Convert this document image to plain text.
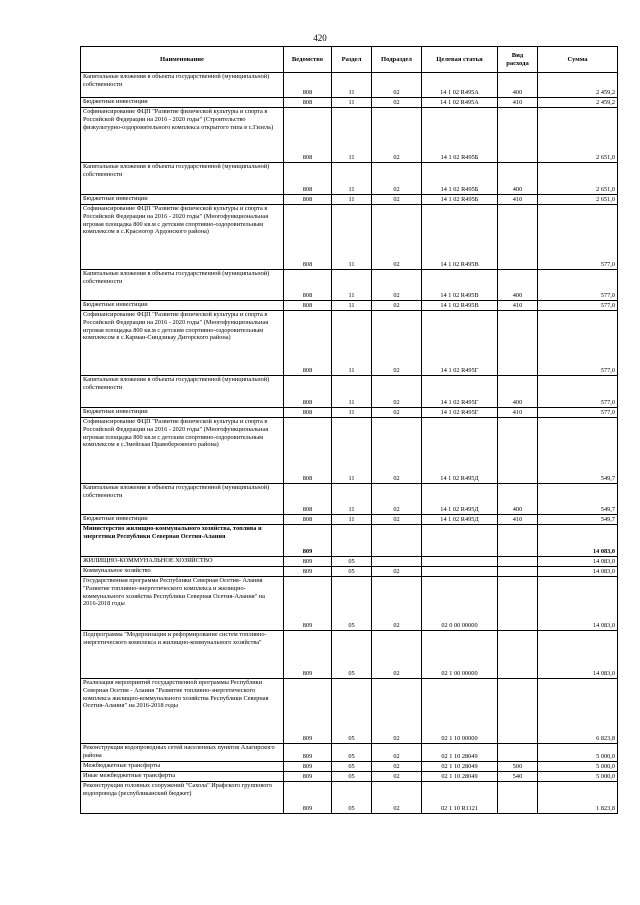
420
Наименование	Ведомство	Раздел	Подраздел	Целевая статья	Вид расхода	Сумма
Капитальные вложения в объекты государственной (муниципальной) собственности	808	11	02	14 1 02 R495А	400	2 459,2
Бюджетные инвестиции	808	11	02	14 1 02 R495А	410	2 459,2
Софинансирование ФЦП "Развитие физической культуры и спорта в Российской Федерации на 2016 - 2020 годы" (Строительство физкультурно-оздоровительного комплекса открытого типа в с.Гизель)	808	11	02	14 1 02 R495Б		2 651,0
Капитальные вложения в объекты государственной (муниципальной) собственности	808	11	02	14 1 02 R495Б	400	2 651,0
Бюджетные инвестиции	808	11	02	14 1 02 R495Б	410	2 651,0
Софинансирование ФЦП "Развитие физической культуры и спорта в Российской Федерации на 2016 - 2020 годы" (Многофункциональная игровая площадка 800 кв.м с детским спортивно-оздоровительным комплексом в с.Красногор Ардонского района)	808	11	02	14 1 02 R495В		577,0
Капитальные вложения в объекты государственной (муниципальной) собственности	808	11	02	14 1 02 R495В	400	577,0
Бюджетные инвестиции	808	11	02	14 1 02 R495В	410	577,0
Софинансирование ФЦП "Развитие физической культуры и спорта в Российской Федерации на 2016 - 2020 годы" (Многофункциональная игровая площадка 800 кв.м с детским спортивно-оздоровительным комплексом в с.Карман-Синдзикау Дигорского района)	808	11	02	14 1 02 R495Г		577,0
Капитальные вложения в объекты государственной (муниципальной) собственности	808	11	02	14 1 02 R495Г	400	577,0
Бюджетные инвестиции	808	11	02	14 1 02 R495Г	410	577,0
Софинансирование ФЦП "Развитие физической культуры и спорта в Российской Федерации на 2016 - 2020 годы" (Многофункциональная игровая площадка 800 кв.м с детским спортивно-оздоровительным комплексом в с.Змейская Правобережного района)	808	11	02	14 1 02 R495Д		549,7
Капитальные вложения в объекты государственной (муниципальной) собственности	808	11	02	14 1 02 R495Д	400	549,7
Бюджетные инвестиции	808	11	02	14 1 02 R495Д	410	549,7
Министерство жилищно-коммунального хозяйства, топлива и энергетики Республики Северная Осетия-Алания	809					14 083,0
ЖИЛИЩНО-КОММУНАЛЬНОЕ ХОЗЯЙСТВО	809	05				14 083,0
Коммунальное хозяйство	809	05	02			14 083,0
Государственная программа Республики Северная Осетия- Алания "Развитие топливно-энергетического комплекса и жилищно-коммунального хозяйства Республики Северная Осетия-Алания" на 2016-2018 годы	809	05	02	02 0 00 00000		14 083,0
Подпрограмма "Модернизация и реформирование систем топливно-энергетического комплекса и жилищно-коммунального хозяйства"	809	05	02	02 1 00 00000		14 083,0
Реализация мероприятий государственной программы Республики Северная Осетия - Алания "Развитие топливно-энергетического комплекса жилищно-коммунального хозяйства Республики Северная Осетия-Алания" на 2016-2018 годы	809	05	02	02 1 10 00000		6 823,8
Реконструкция водопроводных сетей населенных пунктов Алагирского района	809	05	02	02 1 10 28049		5 000,0
Межбюджетные трансферты	809	05	02	02 1 10 28049	500	5 000,0
Иные межбюджетные трансферты	809	05	02	02 1 10 28049	540	5 000,0
Реконструкция головных сооружений "Сахола" Ирафского группового водопровода (республиканский бюджет)	809	05	02	02 1 10 R1121		1 823,8
